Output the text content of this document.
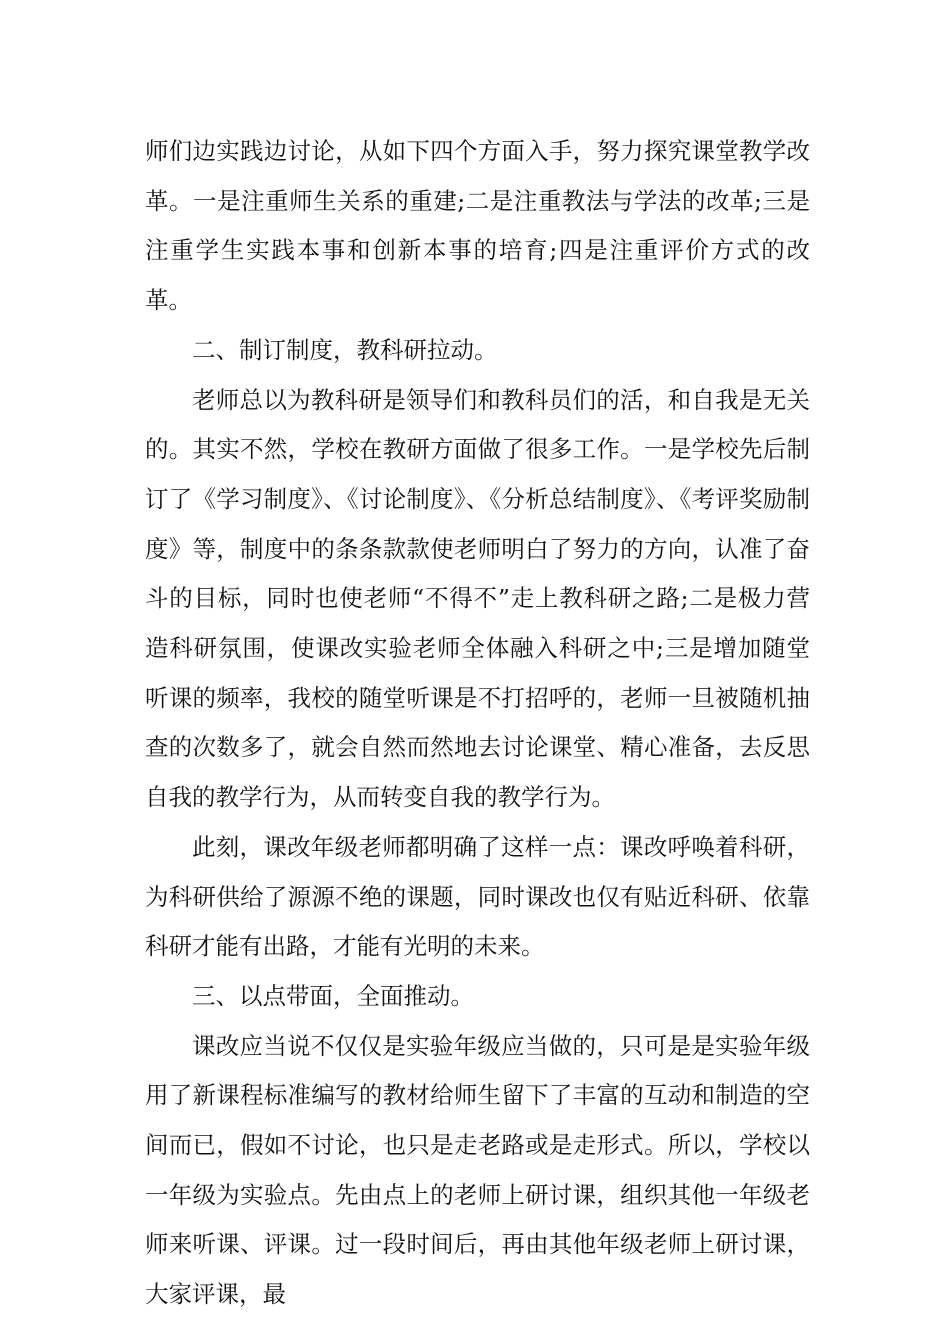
师们边实践边讨论，从如下四个方面入手，努力探究课堂教学改革。一是注重师生关系的重建;二是注重教法与学法的改革;三是注重学生实践本事和创新本事的培育;四是注重评价方式的改革。

二、制订制度，教科研拉动。

老师总以为教科研是领导们和教科员们的活，和自我是无关的。其实不然，学校在教研方面做了很多工作。一是学校先后制订了《学习制度》、《讨论制度》、《分析总结制度》、《考评奖励制度》等，制度中的条条款款使老师明白了努力的方向，认准了奋斗的目标，同时也使老师“不得不”走上教科研之路;二是极力营造科研氛围，使课改实验老师全体融入科研之中;三是增加随堂听课的频率，我校的随堂听课是不打招呼的，老师一旦被随机抽查的次数多了，就会自然而然地去讨论课堂、精心准备，去反思自我的教学行为，从而转变自我的教学行为。

此刻，课改年级老师都明确了这样一点：课改呼唤着科研，为科研供给了源源不绝的课题，同时课改也仅有贴近科研、依靠科研才能有出路，才能有光明的未来。

三、以点带面，全面推动。

课改应当说不仅仅是实验年级应当做的，只可是是实验年级用了新课程标准编写的教材给师生留下了丰富的互动和制造的空间而已，假如不讨论，也只是走老路或是走形式。所以，学校以一年级为实验点。先由点上的老师上研讨课，组织其他一年级老师来听课、评课。过一段时间后，再由其他年级老师上研讨课，大家评课，最
